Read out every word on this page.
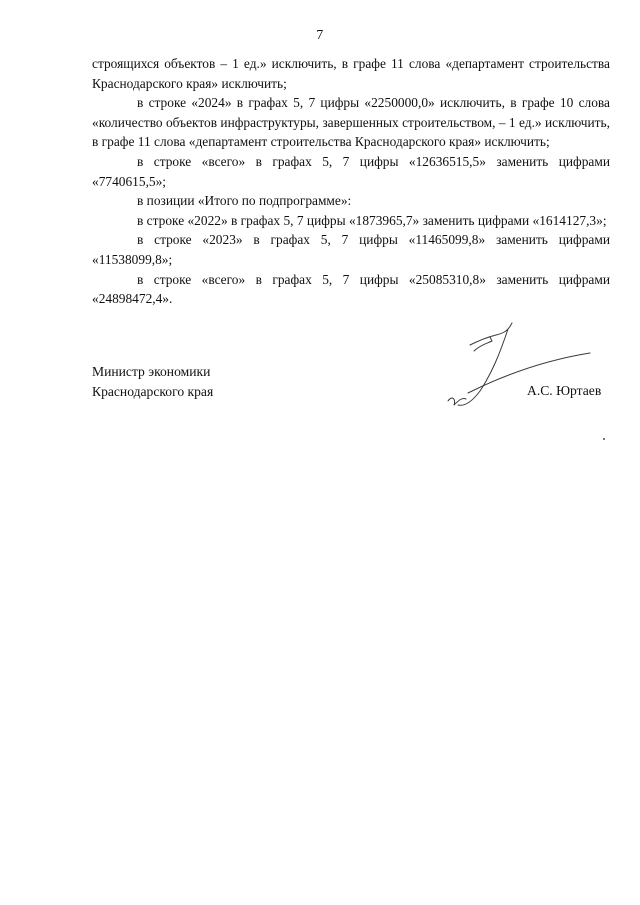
7

строящихся объектов – 1 ед.» исключить, в графе 11 слова «департамент строительства Краснодарского края» исключить;

в строке «2024» в графах 5, 7 цифры «2250000,0» исключить, в графе 10 слова «количество объектов инфраструктуры, завершенных строительством, – 1 ед.» исключить, в графе 11 слова «департамент строительства Краснодарского края» исключить;

в строке «всего» в графах 5, 7 цифры «12636515,5» заменить цифрами «7740615,5»;

в позиции «Итого по подпрограмме»:

в строке «2022» в графах 5, 7 цифры «1873965,7» заменить цифрами «1614127,3»;

в строке «2023» в графах 5, 7 цифры «11465099,8» заменить цифрами «11538099,8»;

в строке «всего» в графах 5, 7 цифры «25085310,8» заменить цифрами «24898472,4».

Министр экономики
Краснодарского края	А.С. Юртаев
